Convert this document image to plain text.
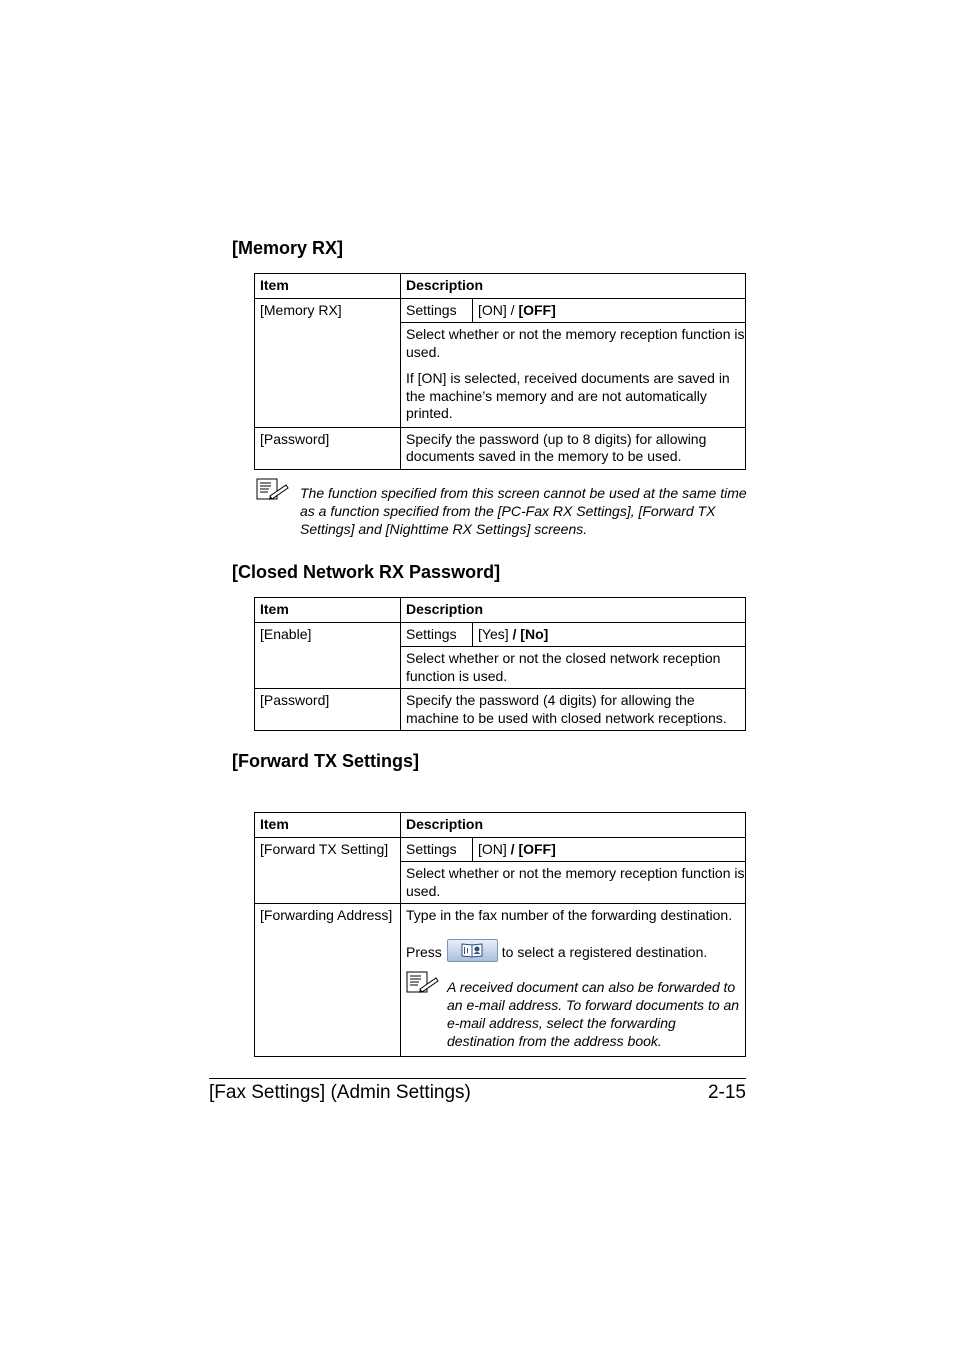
[Memory RX]
Item	Description	
[Memory RX]	Settings	[ON] / [OFF]

	Select whether or not the memory reception function is used.

If [ON] is selected, received documents are saved in the machine’s memory and are not automatically printed.	

[Password]	Specify the password (up to 8 digits) for allowing documents saved in the memory to be used.	
The function specified from this screen cannot be used at the same time as a function specified from the [PC-Fax RX Settings], [Forward TX Settings] and [Nighttime RX Settings] screens.
[Closed Network RX Password]
Item	Description	
[Enable]	Settings	[Yes] / [No]
	Select whether or not the closed network reception function is used.	
[Password]	Specify the password (4 digits) for allowing the machine to be used with closed network receptions.	
[Forward TX Settings]
Item	Description	
[Forward TX Setting]	Settings	[ON] / [OFF]
	Select whether or not the memory reception function is used.	
[Forwarding Address]	Type in the fax number of the forwarding destination.

Press to select a registered destination.

A received document can also be forwarded to an e-mail address. To forward documents to an e-mail address, select the forwarding destination from the address book.	
[Fax Settings] (Admin Settings)	2-15
